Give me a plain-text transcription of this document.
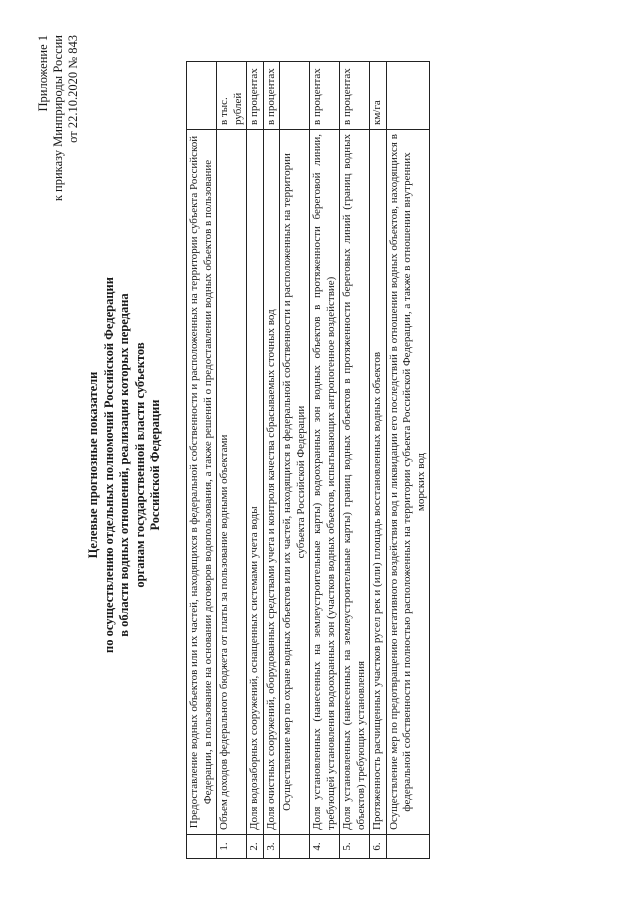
Приложение 1 к приказу Минприроды России от 22.10.2020 № 843
Целевые прогнозные показатели по осуществлению отдельных полномочий Российской Федерации в области водных отношений, реализация которых передана органам государственной власти субъектов Российской Федерации
	Предоставление водных объектов или их частей, находящихся в федеральной собственности и расположенных на территории субъекта Российской Федерации, в пользование на основании договоров водопользования, а также решений о предоставлении водных объектов в пользование	
1.	Объем доходов федерального бюджета от платы за пользование водными объектами	в тыс. рублей
2.	Доля водозаборных сооружений, оснащенных системами учета воды	в процентах
3.	Доля очистных сооружений, оборудованных средствами учета и контроля качества сбрасываемых сточных вод	в процентах
	Осуществление мер по охране водных объектов или их частей, находящихся в федеральной собственности и расположенных на территории субъекта Российской Федерации	
4.	Доля установленных (нанесенных на землеустроительные карты) водоохранных зон водных объектов в протяженности береговой линии, требующей установления водоохранных зон (участков водных объектов, испытывающих антропогенное воздействие)	в процентах
5.	Доля установленных (нанесенных на землеустроительные карты) границ водных объектов в протяженности береговых линий (границ водных объектов) требующих установления	в процентах
6.	Протяженность расчищенных участков русел рек и (или) площадь восстановленных водных объектов	км/га
	Осуществление мер по предотвращению негативного воздействия вод и ликвидации его последствий в отношении водных объектов, находящихся в федеральной собственности и полностью расположенных на территории субъекта Российской Федерации, а также в отношении внутренних морских вод	
